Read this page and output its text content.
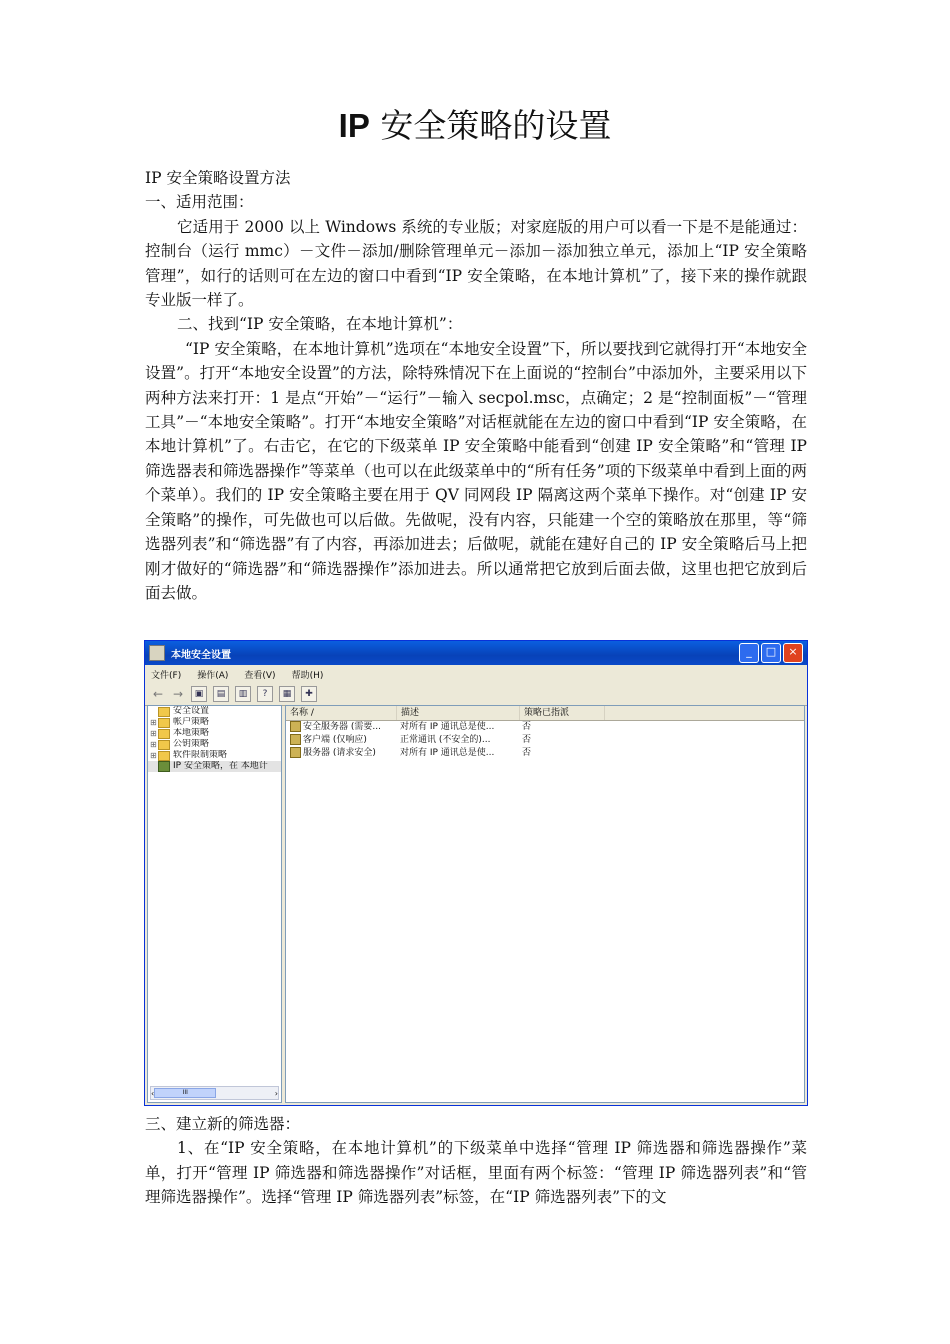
IP 安全策略的设置

IP 安全策略设置方法

一、适用范围：

它适用于 2000 以上 Windows 系统的专业版；对家庭版的用户可以看一下是不是能通过：控制台（运行 mmc）－文件－添加/删除管理单元－添加－添加独立单元，添加上“IP 安全策略管理”，如行的话则可在左边的窗口中看到“IP 安全策略，在本地计算机”了，接下来的操作就跟专业版一样了。

二、找到“IP 安全策略，在本地计算机”：

“IP 安全策略，在本地计算机”选项在“本地安全设置”下，所以要找到它就得打开“本地安全设置”。打开“本地安全设置”的方法，除特殊情况下在上面说的“控制台”中添加外，主要采用以下两种方法来打开：1 是点“开始”－“运行”－输入 secpol.msc，点确定；2 是“控制面板”－“管理工具”－“本地安全策略”。打开“本地安全策略”对话框就能在左边的窗口中看到“IP 安全策略，在本地计算机”了。右击它，在它的下级菜单 IP 安全策略中能看到“创建 IP 安全策略”和“管理 IP 筛选器表和筛选器操作”等菜单（也可以在此级菜单中的“所有任务”项的下级菜单中看到上面的两个菜单）。我们的 IP 安全策略主要在用于 QV 同网段 IP 隔离这两个菜单下操作。对“创建 IP 安全策略”的操作，可先做也可以后做。先做呢，没有内容，只能建一个空的策略放在那里，等“筛选器列表”和“筛选器”有了内容，再添加进去；后做呢，就能在建好自己的 IP 安全策略后马上把刚才做好的“筛选器”和“筛选器操作”添加进去。所以通常把它放到后面去做，这里也把它放到后面去做。

本地安全设置	_	□	×
文件(F) 操作(A) 查看(V) 帮助(H)
← →	▣	▤	▥	?	▦	✚
安全设置
⊞ 帐户策略
⊞ 本地策略
⊞ 公钥策略
⊞ 软件限制策略
IP 安全策略，在 本地计
‹	III	›
名称 /	描述	策略已指派
安全服务器 (需要...	对所有 IP 通讯总是使...	否
客户端 (仅响应)	正常通讯 (不安全的)...	否
服务器 (请求安全)	对所有 IP 通讯总是使...	否

三、建立新的筛选器：

1、在“IP 安全策略，在本地计算机”的下级菜单中选择“管理 IP 筛选器和筛选器操作”菜单，打开“管理 IP 筛选器和筛选器操作”对话框，里面有两个标签：“管理 IP 筛选器列表”和“管理筛选器操作”。选择“管理 IP 筛选器列表”标签，在“IP 筛选器列表”下的文
